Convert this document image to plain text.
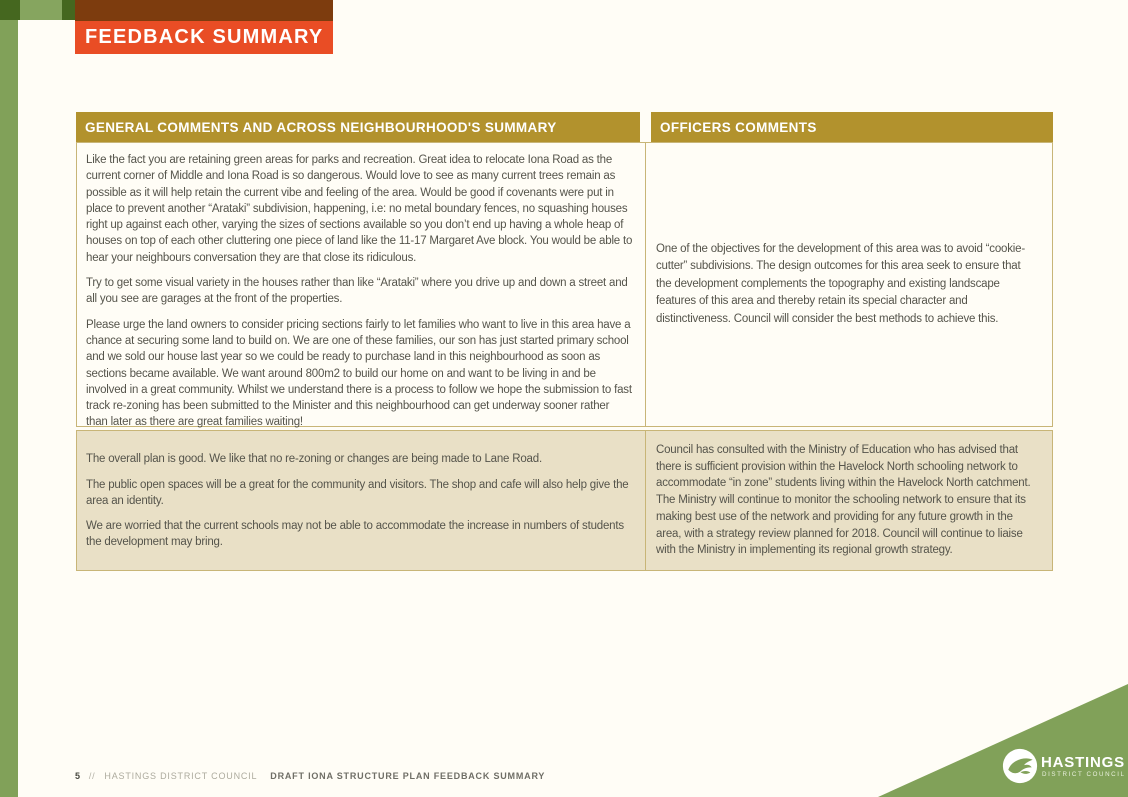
FEEDBACK SUMMARY
GENERAL COMMENTS AND ACROSS NEIGHBOURHOOD'S SUMMARY	OFFICERS COMMENTS

Like the fact you are retaining green areas for parks and recreation. Great idea to relocate Iona Road as the current corner of Middle and Iona Road is so dangerous. Would love to see as many current trees remain as possible as it will help retain the current vibe and feeling of the area. Would be good if covenants were put in place to prevent another “Arataki” subdivision, happening, i.e: no metal boundary fences, no squashing houses right up against each other, varying the sizes of sections available so you don’t end up having a whole heap of houses on top of each other cluttering one piece of land like the 11-17 Margaret Ave block. You would be able to hear your neighbours conversation they are that close its ridiculous.

Try to get some visual variety in the houses rather than like “Arataki” where you drive up and down a street and all you see are garages at the front of the properties.

Please urge the land owners to consider pricing sections fairly to let families who want to live in this area have a chance at securing some land to build on. We are one of these families, our son has just started primary school and we sold our house last year so we could be ready to purchase land in this neighbourhood as soon as sections became available. We want around 800m2 to build our home on and want to be living in and be involved in a great community. Whilst we understand there is a process to follow we hope the submission to fast track re-zoning has been submitted to the Minister and this neighbourhood can get underway sooner rather than later as there are great families waiting!

One of the objectives for the development of this area was to avoid “cookie-cutter” subdivisions. The design outcomes for this area seek to ensure that the development complements the topography and existing landscape features of this area and thereby retain its special character and distinctiveness. Council will consider the best methods to achieve this.

The overall plan is good. We like that no re-zoning or changes are being made to Lane Road.

The public open spaces will be a great for the community and visitors. The shop and cafe will also help give the area an identity.

We are worried that the current schools may not be able to accommodate the increase in numbers of students the development may bring.

Council has consulted with the Ministry of Education who has advised that there is sufficient provision within the Havelock North schooling network to accommodate “in zone” students living within the Havelock North catchment. The Ministry will continue to monitor the schooling network to ensure that its making best use of the network and providing for any future growth in the area, with a strategy review planned for 2018. Council will continue to liaise with the Ministry in implementing its regional growth strategy.

5 // HASTINGS DISTRICT COUNCIL DRAFT IONA STRUCTURE PLAN FEEDBACK SUMMARY
HASTINGS
DISTRICT COUNCIL
